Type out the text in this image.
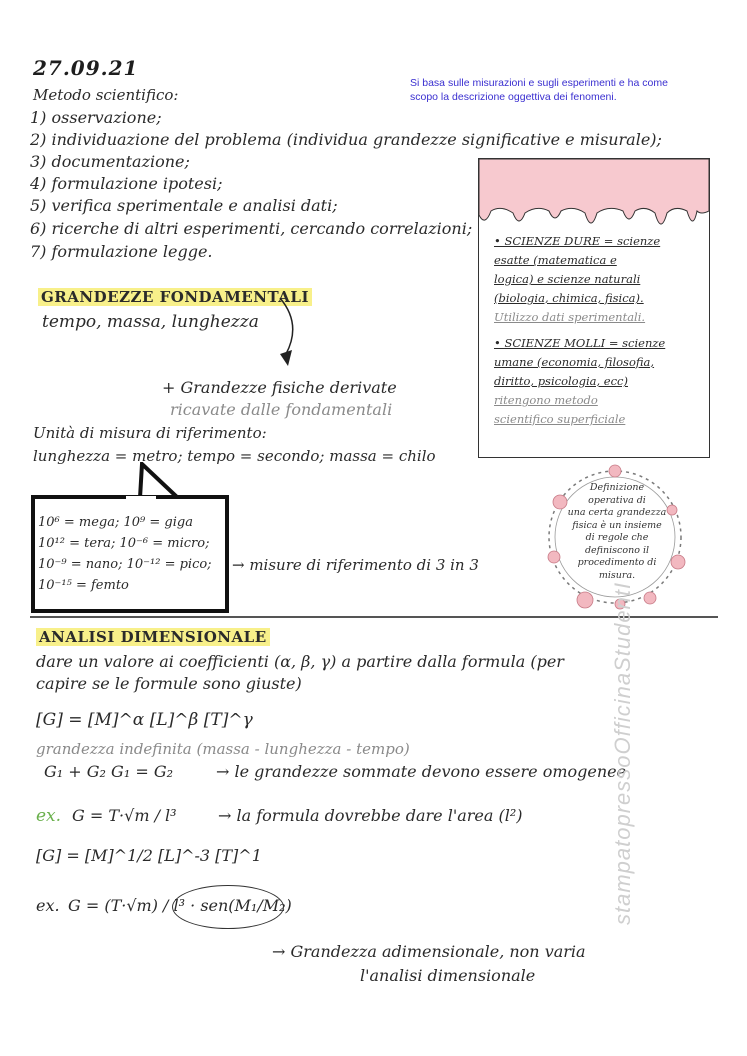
27.09.21
Si basa sulle misurazioni e sugli esperimenti e ha come
scopo la descrizione oggettiva dei fenomeni.
Metodo scientifico:
1) osservazione;
2) individuazione del problema (individua grandezze significative e misurale);
3) documentazione;
4) formulazione ipotesi;
5) verifica sperimentale e analisi dati;
6) ricerche di altri esperimenti, cercando correlazioni;
7) formulazione legge.
• SCIENZE DURE = scienze
esatte (matematica e
logica) e scienze naturali
(biologia, chimica, fisica).
Utilizzo dati sperimentali.
• SCIENZE MOLLI = scienze
umane (economia, filosofia,
diritto, psicologia, ecc)
ritengono metodo
scientifico superficiale
GRANDEZZE FONDAMENTALI
tempo, massa, lunghezza
+ Grandezze fisiche derivate
ricavate dalle fondamentali
Unità di misura di riferimento:
lunghezza = metro; tempo = secondo; massa = chilo
Definizione
operativa di
una certa grandezza
fisica è un insieme
di regole che
definiscono il
procedimento di
misura.
10⁶ = mega; 10⁹ = giga
10¹² = tera; 10⁻⁶ = micro;
10⁻⁹ = nano; 10⁻¹² = pico;
10⁻¹⁵ = femto
→ misure di riferimento di 3 in 3
ANALISI DIMENSIONALE
dare un valore ai coefficienti (α, β, γ) a partire dalla formula (per
capire se le formule sono giuste)
[G] = [M]^α [L]^β [T]^γ
grandezza indefinita (massa - lunghezza - tempo)
G₁ + G₂ G₁ = G₂	→ le grandezze sommate devono essere omogenee
ex. G = T·√m / l³	→ la formula dovrebbe dare l'area (l²)
[G] = [M]^1/2 [L]^-3 [T]^1
ex. G = (T·√m) / l³ · sen(M₁/M₂)
→ Grandezza adimensionale, non varia
l'analisi dimensionale
stampatopressoOfficinaStudentI
